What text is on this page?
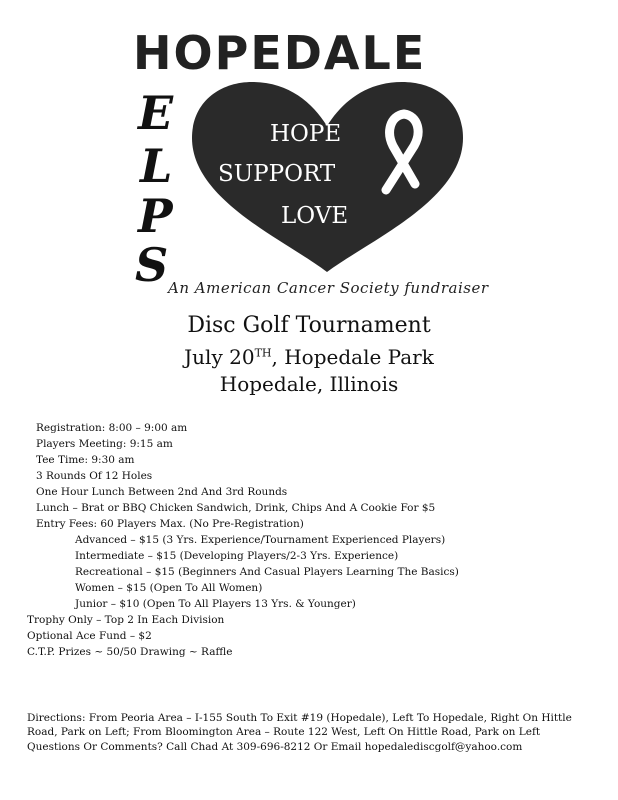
HOPEDALE
E
L
P
S
HOPE
SUPPORT
LOVE
An American Cancer Society fundraiser
Disc Golf Tournament
July 20TH, Hopedale Park
Hopedale, Illinois
Registration: 8:00 – 9:00 am
Players Meeting: 9:15 am
Tee Time: 9:30 am
3 Rounds Of 12 Holes
One Hour Lunch Between 2nd And 3rd Rounds
Lunch – Brat or BBQ Chicken Sandwich, Drink, Chips And A Cookie For $5
Entry Fees: 60 Players Max. (No Pre-Registration)
Advanced – $15 (3 Yrs. Experience/Tournament Experienced Players)
Intermediate – $15 (Developing Players/2-3 Yrs. Experience)
Recreational – $15 (Beginners And Casual Players Learning The Basics)
Women – $15 (Open To All Women)
Junior – $10 (Open To All Players 13 Yrs. & Younger)
Trophy Only – Top 2 In Each Division
Optional Ace Fund – $2
C.T.P. Prizes ~ 50/50 Drawing ~ Raffle
Directions: From Peoria Area – I-155 South To Exit #19 (Hopedale), Left To Hopedale, Right On Hittle Road, Park on Left; From Bloomington Area – Route 122 West, Left On Hittle Road, Park on Left
Questions Or Comments? Call Chad At 309-696-8212 Or Email hopedalediscgolf@yahoo.com
